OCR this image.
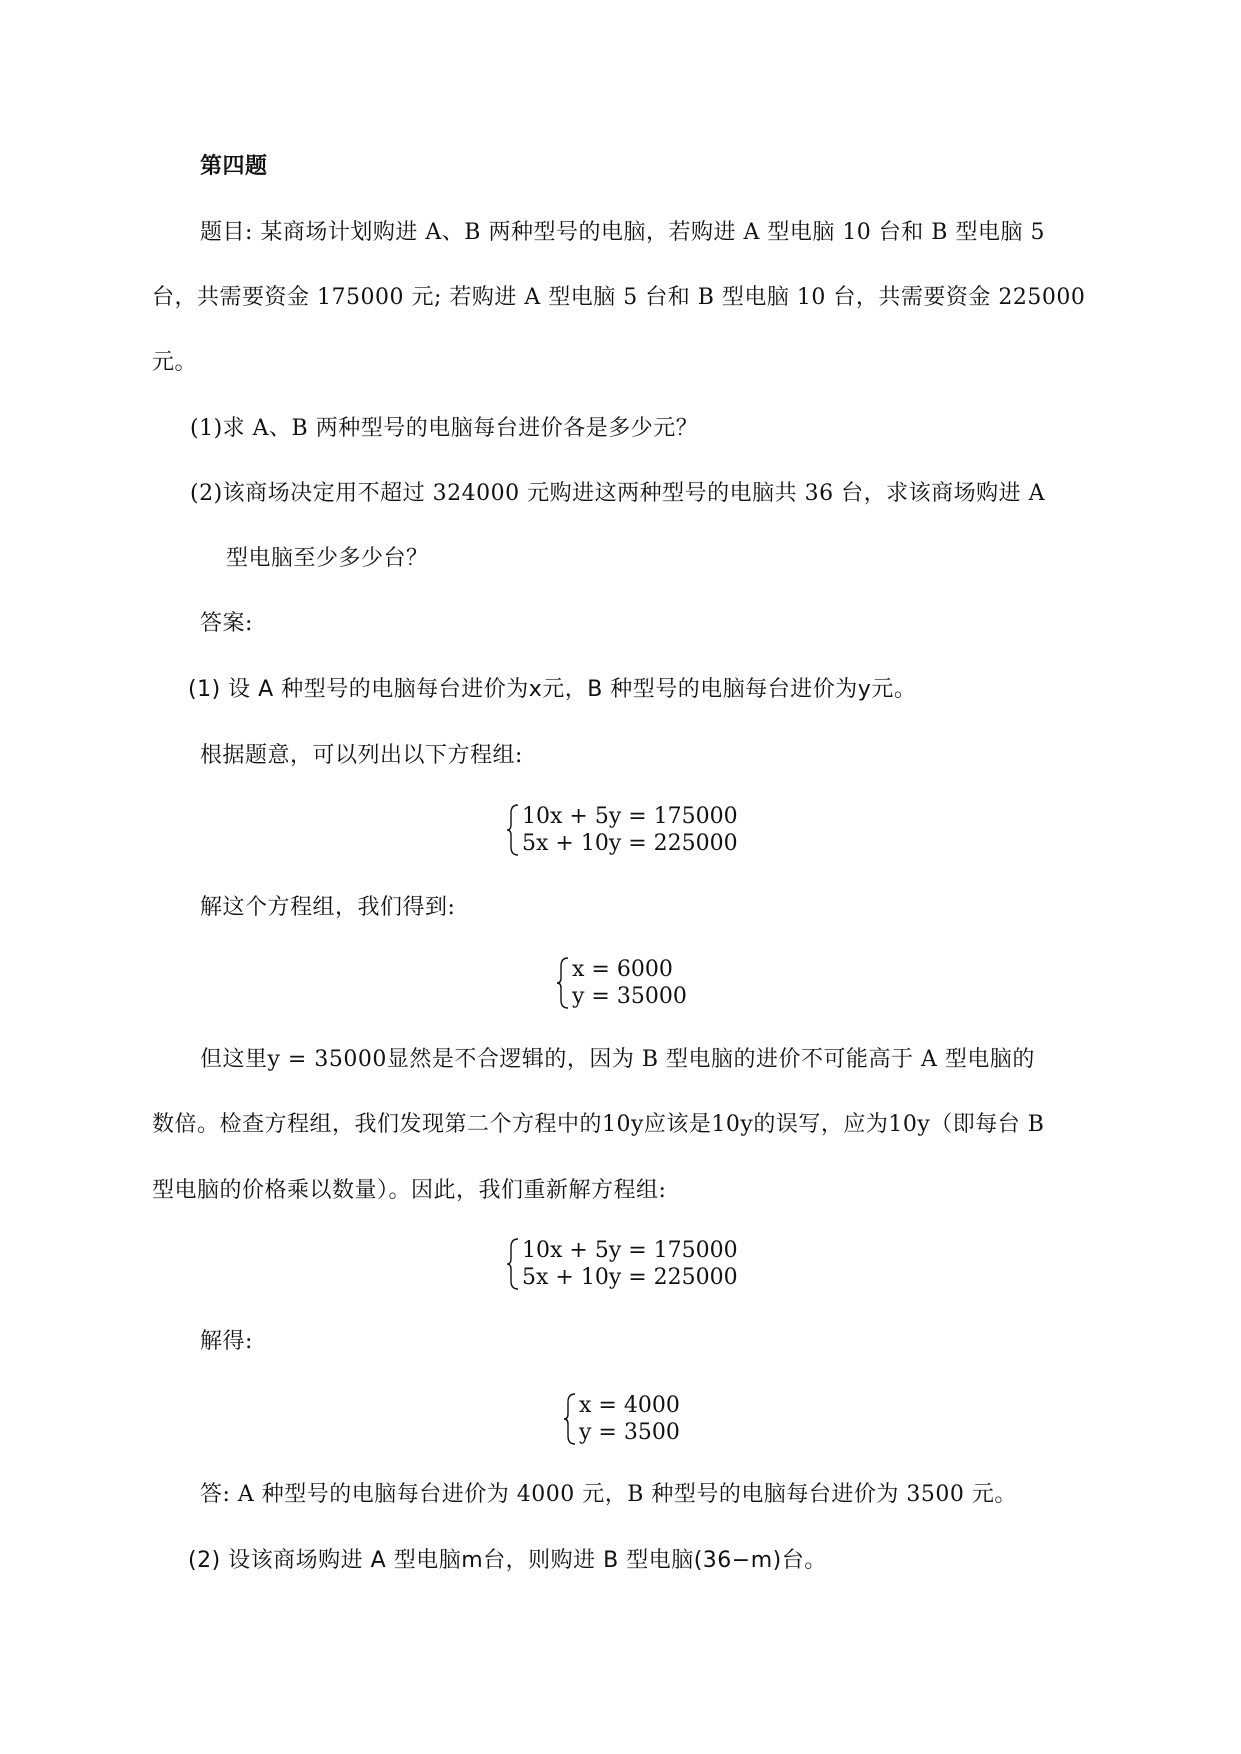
第四题
题目: 某商场计划购进 A、B 两种型号的电脑，若购进 A 型电脑 10 台和 B 型电脑 5
台，共需要资金 175000 元; 若购进 A 型电脑 5 台和 B 型电脑 10 台，共需要资金 225000
元。
(1)求 A、B 两种型号的电脑每台进价各是多少元？
(2)该商场决定用不超过 324000 元购进这两种型号的电脑共 36 台，求该商场购进 A
型电脑至少多少台？
答案:
(1) 设 A 种型号的电脑每台进价为x元，B 种型号的电脑每台进价为y元。
根据题意，可以列出以下方程组:
10x + 5y = 175000
5x + 10y = 225000
解这个方程组，我们得到:
x = 6000
y = 35000
但这里y = 35000显然是不合逻辑的，因为 B 型电脑的进价不可能高于 A 型电脑的
数倍。检查方程组，我们发现第二个方程中的10y应该是10y的误写，应为10y（即每台 B
型电脑的价格乘以数量）。因此，我们重新解方程组:
10x + 5y = 175000
5x + 10y = 225000
解得:
x = 4000
y = 3500
答: A 种型号的电脑每台进价为 4000 元，B 种型号的电脑每台进价为 3500 元。
(2) 设该商场购进 A 型电脑m台，则购进 B 型电脑(36−m)台。
